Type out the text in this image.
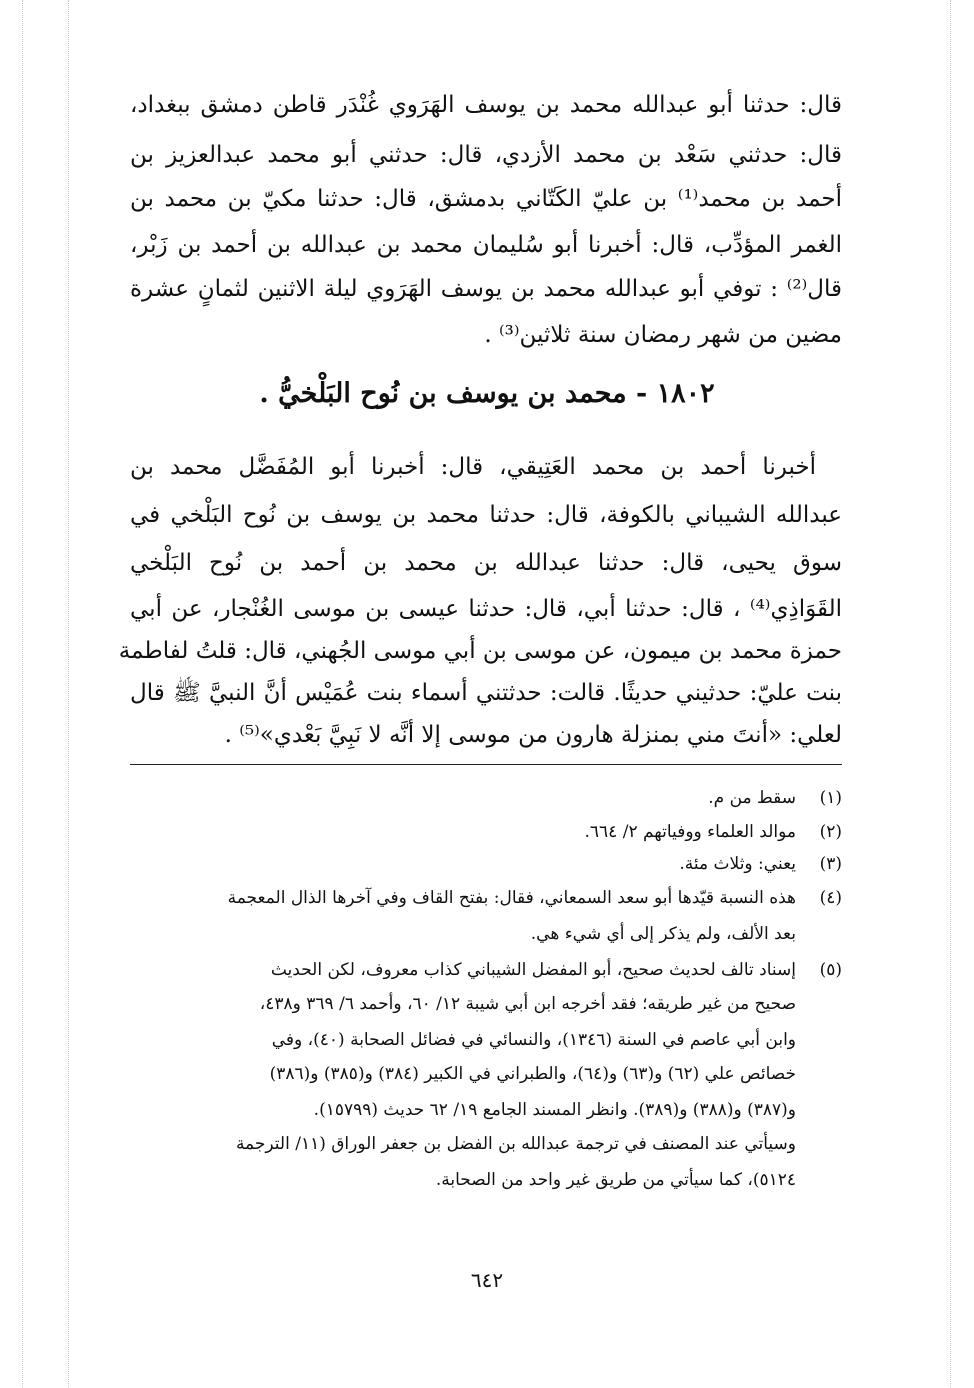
قال: حدثنا أبو عبدالله محمد بن يوسف الهَرَوي غُنْدَر قاطن دمشق ببغداد،
قال: حدثني سَعْد بن محمد الأزدي، قال: حدثني أبو محمد عبدالعزيز بن
أحمد بن محمد⁽¹⁾ بن عليّ الكَتّاني بدمشق، قال: حدثنا مكيّ بن محمد بن
الغمر المؤدِّب، قال: أخبرنا أبو سُليمان محمد بن عبدالله بن أحمد بن زَبْر،
قال⁽²⁾ : توفي أبو عبدالله محمد بن يوسف الهَرَوي ليلة الاثنين لثمانٍ عشرة
مضين من شهر رمضان سنة ثلاثين⁽³⁾ .
١٨٠٢ - محمد بن يوسف بن نُوح البَلْخيُّ .
أخبرنا أحمد بن محمد العَتِيقي، قال: أخبرنا أبو المُفَضَّل محمد بن
عبدالله الشيباني بالكوفة، قال: حدثنا محمد بن يوسف بن نُوح البَلْخي في
سوق يحيى، قال: حدثنا عبدالله بن محمد بن أحمد بن نُوح البَلْخي
القَوَاذِي⁽⁴⁾ ، قال: حدثنا أبي، قال: حدثنا عيسى بن موسى الغُنْجار، عن أبي
حمزة محمد بن ميمون، عن موسى بن أبي موسى الجُهني، قال: قلتُ لفاطمة
بنت عليّ: حدثيني حديثًا. قالت: حدثتني أسماء بنت عُمَيْس أنَّ النبيَّ ﷺ قال
لعلي: «أنتَ مني بمنزلة هارون من موسى إلا أنَّه لا نَبِيَّ بَعْدي»⁽⁵⁾ .
(١)سقط من م.
(٢)موالد العلماء ووفياتهم ٢/ ٦٦٤.
(٣)يعني: وثلاث مئة.
(٤)هذه النسبة قيّدها أبو سعد السمعاني، فقال: بفتح القاف وفي آخرها الذال المعجمة
بعد الألف، ولم يذكر إلى أي شيء هي.
(٥)إسناد تالف لحديث صحيح، أبو المفضل الشيباني كذاب معروف، لكن الحديث
صحيح من غير طريقه؛ فقد أخرجه ابن أبي شيبة ١٢/ ٦٠، وأحمد ٦/ ٣٦٩ و٤٣٨،
وابن أبي عاصم في السنة (١٣٤٦)، والنسائي في فضائل الصحابة (٤٠)، وفي
خصائص علي (٦٢) و(٦٣) و(٦٤)، والطبراني في الكبير (٣٨٤) و(٣٨٥) و(٣٨٦)
و(٣٨٧) و(٣٨٨) و(٣٨٩). وانظر المسند الجامع ١٩/ ٦٢ حديث (١٥٧٩٩).
وسيأتي عند المصنف في ترجمة عبدالله بن الفضل بن جعفر الوراق (١١/ الترجمة
٥١٢٤)، كما سيأتي من طريق غير واحد من الصحابة.
٦٤٢
